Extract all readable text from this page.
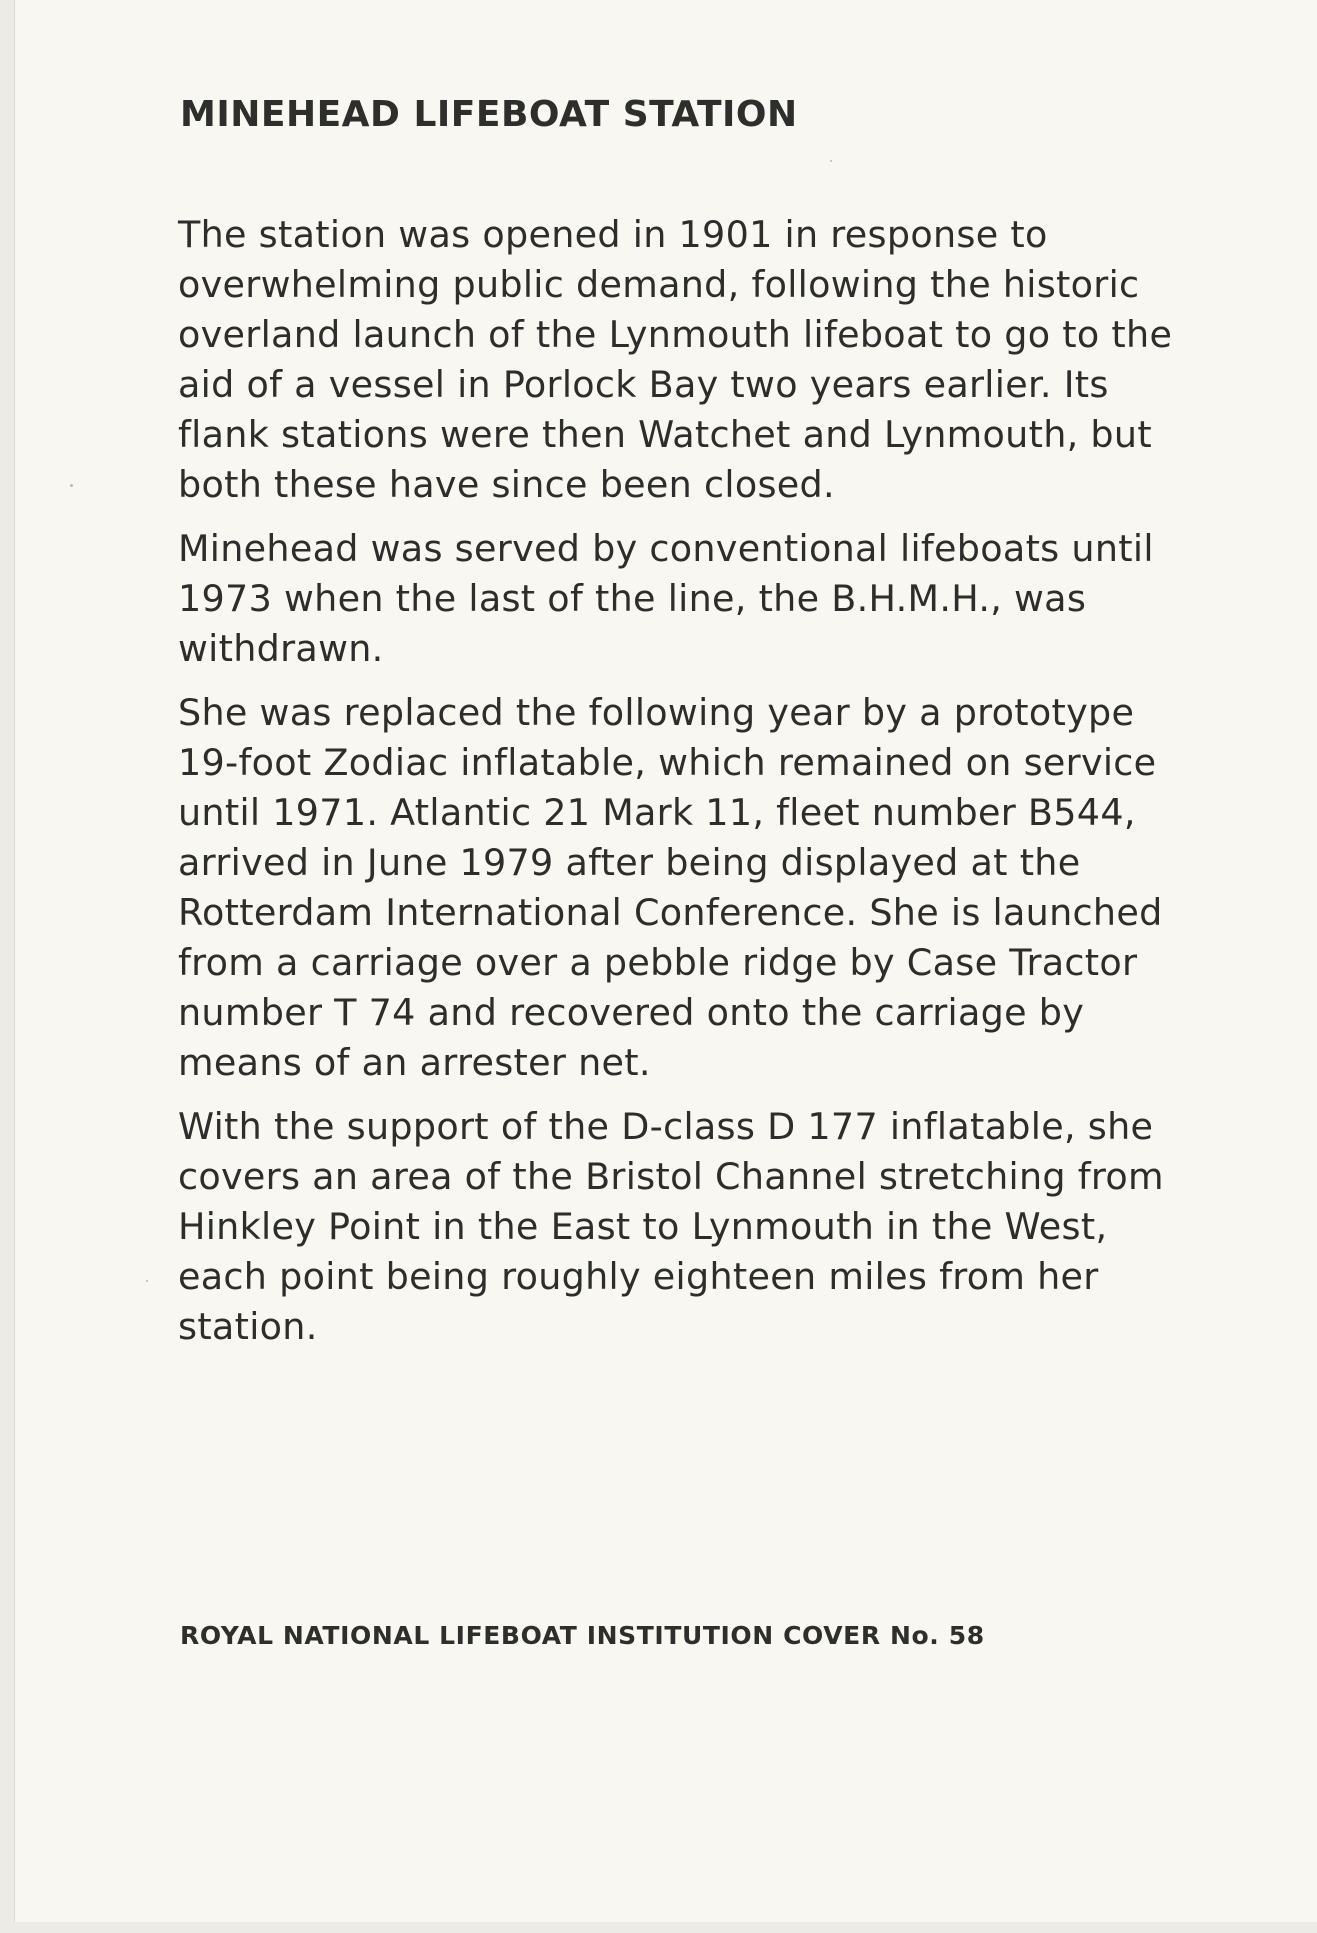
MINEHEAD LIFEBOAT STATION

The station was opened in 1901 in response to overwhelming public demand, following the historic overland launch of the Lynmouth lifeboat to go to the aid of a vessel in Porlock Bay two years earlier. Its flank stations were then Watchet and Lynmouth, but both these have since been closed.

Minehead was served by conventional lifeboats until 1973 when the last of the line, the B.H.M.H., was withdrawn.

She was replaced the following year by a prototype 19-foot Zodiac inflatable, which remained on service until 1971. Atlantic 21 Mark 11, fleet number B544, arrived in June 1979 after being displayed at the Rotterdam International Conference. She is launched from a carriage over a pebble ridge by Case Tractor number T 74 and recovered onto the carriage by means of an arrester net.

With the support of the D-class D 177 inflatable, she covers an area of the Bristol Channel stretching from Hinkley Point in the East to Lynmouth in the West, each point being roughly eighteen miles from her station.

ROYAL NATIONAL LIFEBOAT INSTITUTION COVER No. 58
